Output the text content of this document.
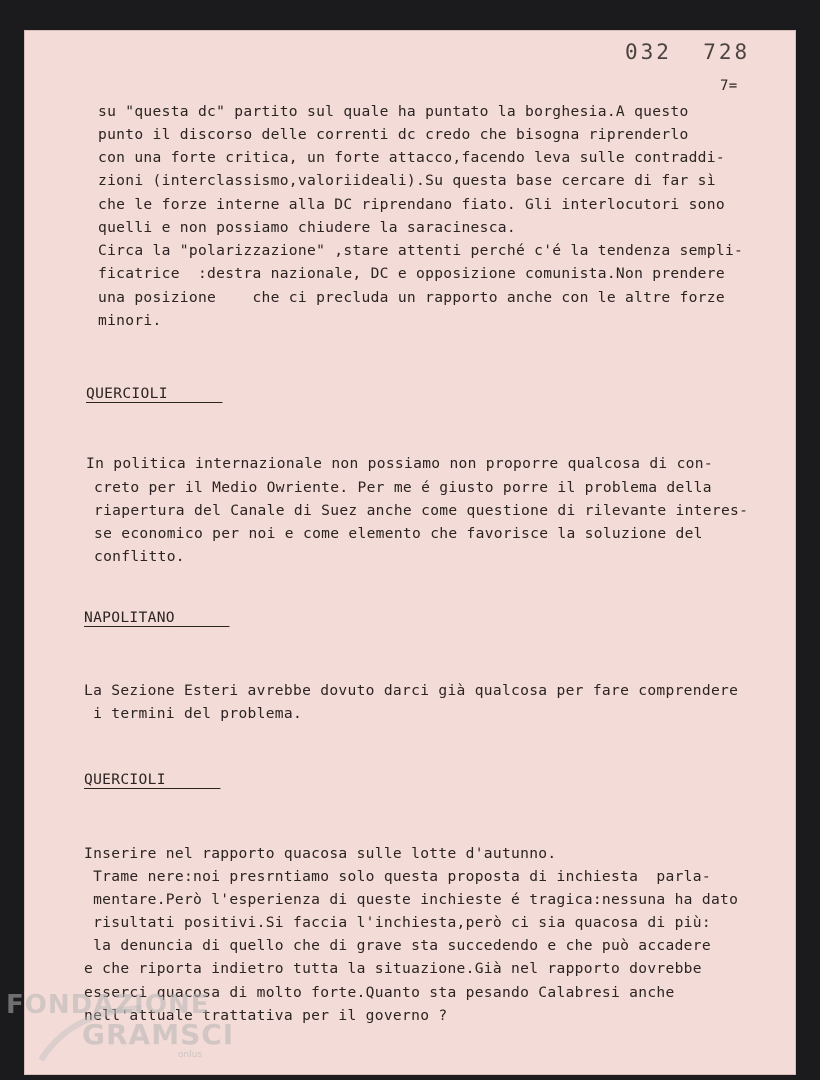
032  728
7=
su "questa dc" partito sul quale ha puntato la borghesia.A questo
punto il discorso delle correnti dc credo che bisogna riprenderlo
con una forte critica, un forte attacco,facendo leva sulle contraddi-
zioni (interclassismo,valoriideali).Su questa base cercare di far sì
che le forze interne alla DC riprendano fiato. Gli interlocutori sono
quelli e non possiamo chiudere la saracinesca.
Circa la "polarizzazione" ,stare attenti perché c'é la tendenza sempli-
ficatrice  :destra nazionale, DC e opposizione comunista.Non prendere
una posizione    che ci precluda un rapporto anche con le altre forze
minori.
QUERCIOLI
In politica internazionale non possiamo non proporre qualcosa di con-
creto per il Medio Owriente. Per me é giusto porre il problema della
riapertura del Canale di Suez anche come questione di rilevante interes-
se economico per noi e come elemento che favorisce la soluzione del
conflitto.
NAPOLITANO
La Sezione Esteri avrebbe dovuto darci già qualcosa per fare comprendere
i termini del problema.
QUERCIOLI
Inserire nel rapporto quacosa sulle lotte d'autunno.
Trame nere:noi presrntiamo solo questa proposta di inchiesta  parla-
mentare.Però l'esperienza di queste inchieste é tragica:nessuna ha dato
risultati positivi.Si faccia l'inchiesta,però ci sia quacosa di più:
la denuncia di quello che di grave sta succedendo e che può accadere
e che riporta indietro tutta la situazione.Già nel rapporto dovrebbe
esserci quacosa di molto forte.Quanto sta pesando Calabresi anche
nell'attuale trattativa per il governo ?
FONDAZIONE
GRAMSCI
onlus
